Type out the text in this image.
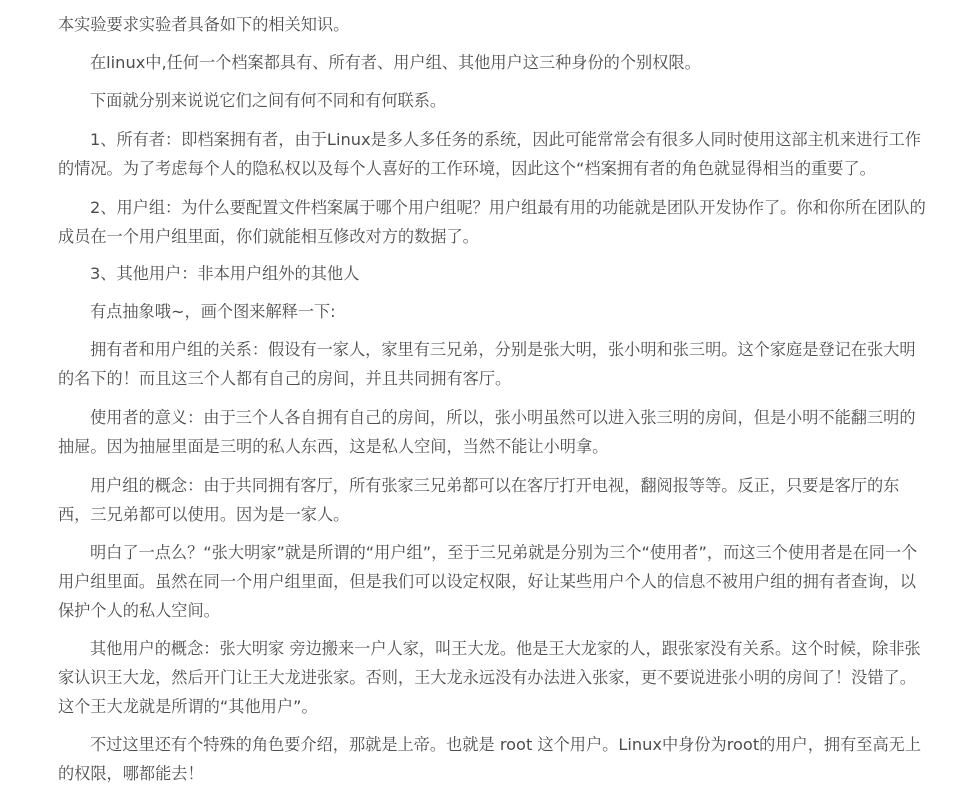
本实验要求实验者具备如下的相关知识。

在linux中,任何一个档案都具有、所有者、用户组、其他用户这三种身份的个别权限。

下面就分别来说说它们之间有何不同和有何联系。

1、所有者：即档案拥有者，由于Linux是多人多任务的系统，因此可能常常会有很多人同时使用这部主机来进行工作的情况。为了考虑每个人的隐私权以及每个人喜好的工作环境，因此这个“档案拥有者的角色就显得相当的重要了。

2、用户组：为什么要配置文件档案属于哪个用户组呢？用户组最有用的功能就是团队开发协作了。你和你所在团队的成员在一个用户组里面，你们就能相互修改对方的数据了。

3、其他用户：非本用户组外的其他人

有点抽象哦~，画个图来解释一下:

拥有者和用户组的关系：假设有一家人，家里有三兄弟，分别是张大明，张小明和张三明。这个家庭是登记在张大明的名下的！而且这三个人都有自己的房间，并且共同拥有客厅。

使用者的意义：由于三个人各自拥有自己的房间，所以，张小明虽然可以进入张三明的房间，但是小明不能翻三明的抽屉。因为抽屉里面是三明的私人东西，这是私人空间，当然不能让小明拿。

用户组的概念：由于共同拥有客厅，所有张家三兄弟都可以在客厅打开电视，翻阅报等等。反正，只要是客厅的东西，三兄弟都可以使用。因为是一家人。

明白了一点么？“张大明家”就是所谓的“用户组”，至于三兄弟就是分别为三个“使用者”，而这三个使用者是在同一个用户组里面。虽然在同一个用户组里面，但是我们可以设定权限，好让某些用户个人的信息不被用户组的拥有者查询，以保护个人的私人空间。

其他用户的概念：张大明家 旁边搬来一户人家，叫王大龙。他是王大龙家的人，跟张家没有关系。这个时候，除非张家认识王大龙，然后开门让王大龙进张家。否则，王大龙永远没有办法进入张家，更不要说进张小明的房间了！没错了。这个王大龙就是所谓的“其他用户”。

不过这里还有个特殊的角色要介绍，那就是上帝。也就是 root 这个用户。Linux中身份为root的用户，拥有至高无上的权限，哪都能去！
